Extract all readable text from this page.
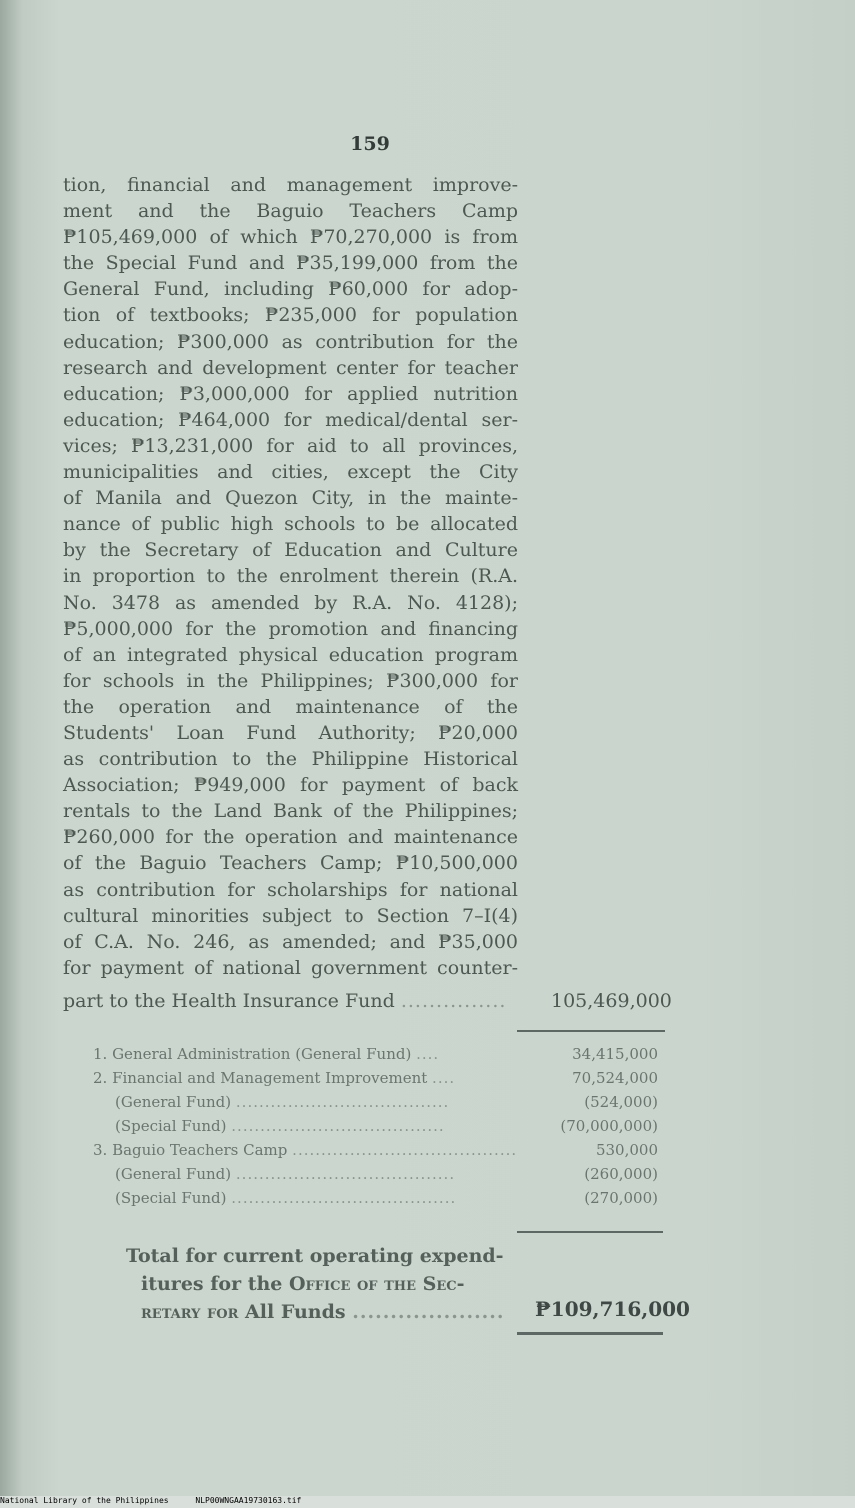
159
tion, financial and management improve-
ment and the Baguio Teachers Camp
₱105,469,000 of which ₱70,270,000 is from
the Special Fund and ₱35,199,000 from the
General Fund, including ₱60,000 for adop-
tion of textbooks; ₱235,000 for population
education; ₱300,000 as contribution for the
research and development center for teacher
education; ₱3,000,000 for applied nutrition
education; ₱464,000 for medical/dental ser-
vices; ₱13,231,000 for aid to all provinces,
municipalities and cities, except the City
of Manila and Quezon City, in the mainte-
nance of public high schools to be allocated
by the Secretary of Education and Culture
in proportion to the enrolment therein (R.A.
No. 3478 as amended by R.A. No. 4128);
₱5,000,000 for the promotion and financing
of an integrated physical education program
for schools in the Philippines; ₱300,000 for
the operation and maintenance of the
Students' Loan Fund Authority; ₱20,000
as contribution to the Philippine Historical
Association; ₱949,000 for payment of back
rentals to the Land Bank of the Philippines;
₱260,000 for the operation and maintenance
of the Baguio Teachers Camp; ₱10,500,000
as contribution for scholarships for national
cultural minorities subject to Section 7–I(4)
of C.A. No. 246, as amended; and ₱35,000
for payment of national government counter-
part to the Health Insurance Fund ............... 105,469,000
1. General Administration (General Fund) ....	34,415,000
2. Financial and Management Improvement ....	70,524,000
(General Fund) .....................................	(524,000)
(Special Fund) .....................................	(70,000,000)
3. Baguio Teachers Camp .......................................	530,000
(General Fund) ......................................	(260,000)
(Special Fund) .......................................	(270,000)
Total for current operating expend-
itures for the Office of the Sec-
retary for All Funds ....................	₱109,716,000
National Library of the Philippines	NLP00WNGAA19730163.tif
